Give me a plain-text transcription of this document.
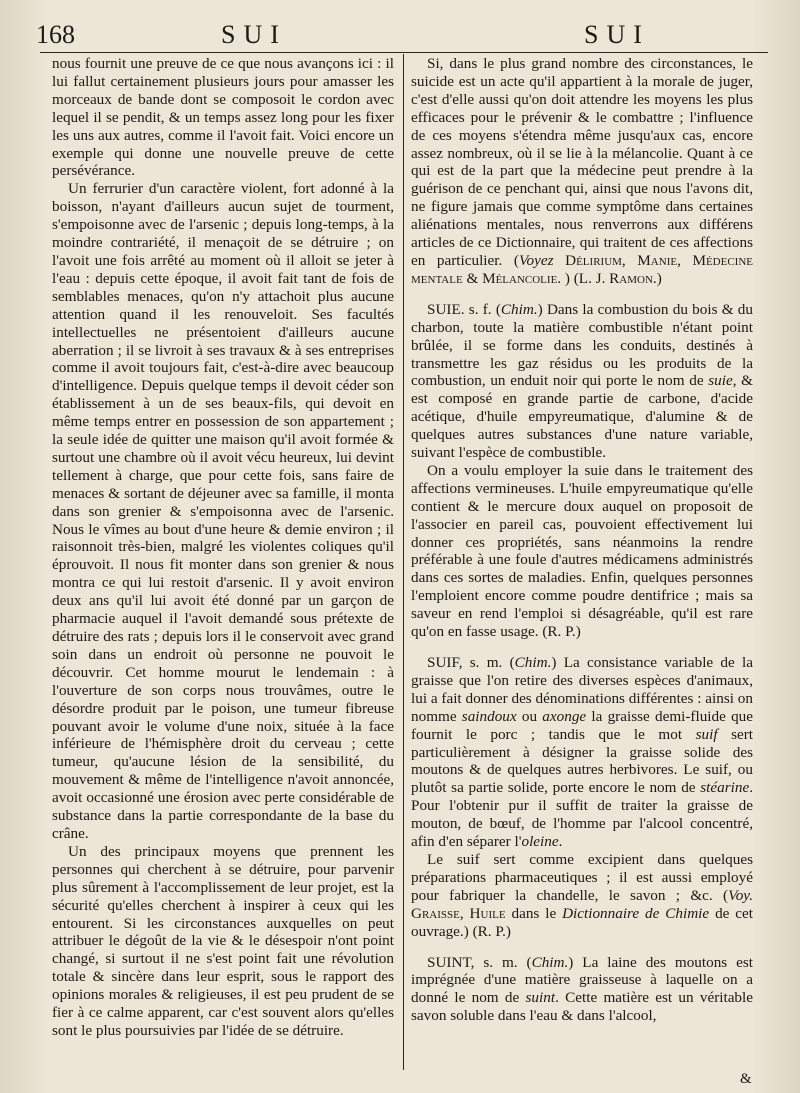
168	SUI	SUI

nous fournit une preuve de ce que nous avançons ici : il lui fallut certainement plusieurs jours pour amasser les morceaux de bande dont se composoit le cordon avec lequel il se pendit, & un temps assez long pour les fixer les uns aux autres, comme il l'avoit fait. Voici encore un exemple qui donne une nouvelle preuve de cette persévérance.

Un ferrurier d'un caractère violent, fort adonné à la boisson, n'ayant d'ailleurs aucun sujet de tourment, s'empoisonne avec de l'arsenic ; depuis long-temps, à la moindre contrariété, il menaçoit de se détruire ; on l'avoit une fois arrêté au moment où il alloit se jeter à l'eau : depuis cette époque, il avoit fait tant de fois de semblables menaces, qu'on n'y attachoit plus aucune attention quand il les renouveloit. Ses facultés intellectuelles ne présentoient d'ailleurs aucune aberration ; il se livroit à ses travaux & à ses entreprises comme il avoit toujours fait, c'est-à-dire avec beaucoup d'intelligence. Depuis quelque temps il devoit céder son établissement à un de ses beaux-fils, qui devoit en même temps entrer en possession de son appartement ; la seule idée de quitter une maison qu'il avoit formée & surtout une chambre où il avoit vécu heureux, lui devint tellement à charge, que pour cette fois, sans faire de menaces & sortant de déjeuner avec sa famille, il monta dans son grenier & s'empoisonna avec de l'arsenic. Nous le vîmes au bout d'une heure & demie environ ; il raisonnoit très-bien, malgré les violentes coliques qu'il éprouvoit. Il nous fit monter dans son grenier & nous montra ce qui lui restoit d'arsenic. Il y avoit environ deux ans qu'il lui avoit été donné par un garçon de pharmacie auquel il l'avoit demandé sous prétexte de détruire des rats ; depuis lors il le conservoit avec grand soin dans un endroit où personne ne pouvoit le découvrir. Cet homme mourut le lendemain : à l'ouverture de son corps nous trouvâmes, outre le désordre produit par le poison, une tumeur fibreuse pouvant avoir le volume d'une noix, située à la face inférieure de l'hémisphère droit du cerveau ; cette tumeur, qu'aucune lésion de la sensibilité, du mouvement & même de l'intelligence n'avoit annoncée, avoit occasionné une érosion avec perte considérable de substance dans la partie correspondante de la base du crâne.

Un des principaux moyens que prennent les personnes qui cherchent à se détruire, pour parvenir plus sûrement à l'accomplissement de leur projet, est la sécurité qu'elles cherchent à inspirer à ceux qui les entourent. Si les circonstances auxquelles on peut attribuer le dégoût de la vie & le désespoir n'ont point changé, si surtout il ne s'est point fait une révolution totale & sincère dans leur esprit, sous le rapport des opinions morales & religieuses, il est peu prudent de se fier à ce calme apparent, car c'est souvent alors qu'elles sont le plus poursuivies par l'idée de se détruire.

Si, dans le plus grand nombre des circonstances, le suicide est un acte qu'il appartient à la morale de juger, c'est d'elle aussi qu'on doit attendre les moyens les plus efficaces pour le prévenir & le combattre ; l'influence de ces moyens s'étendra même jusqu'aux cas, encore assez nombreux, où il se lie à la mélancolie. Quant à ce qui est de la part que la médecine peut prendre à la guérison de ce penchant qui, ainsi que nous l'avons dit, ne figure jamais que comme symptôme dans certaines aliénations mentales, nous renverrons aux différens articles de ce Dictionnaire, qui traitent de ces affections en particulier. (Voyez Délirium, Manie, Médecine mentale & Mélancolie. ) (L. J. Ramon.)

SUIE. s. f. (Chim.) Dans la combustion du bois & du charbon, toute la matière combustible n'étant point brûlée, il se forme dans les conduits, destinés à transmettre les gaz résidus ou les produits de la combustion, un enduit noir qui porte le nom de suie, & est composé en grande partie de carbone, d'acide acétique, d'huile empyreumatique, d'alumine & de quelques autres substances d'une nature variable, suivant l'espèce de combustible.

On a voulu employer la suie dans le traitement des affections vermineuses. L'huile empyreumatique qu'elle contient & le mercure doux auquel on proposoit de l'associer en pareil cas, pouvoient effectivement lui donner ces propriétés, sans néanmoins la rendre préférable à une foule d'autres médicamens administrés dans ces sortes de maladies. Enfin, quelques personnes l'emploient encore comme poudre dentifrice ; mais sa saveur en rend l'emploi si désagréable, qu'il est rare qu'on en fasse usage. (R. P.)

SUIF, s. m. (Chim.) La consistance variable de la graisse que l'on retire des diverses espèces d'animaux, lui a fait donner des dénominations différentes : ainsi on nomme saindoux ou axonge la graisse demi-fluide que fournit le porc ; tandis que le mot suif sert particulièrement à désigner la graisse solide des moutons & de quelques autres herbivores. Le suif, ou plutôt sa partie solide, porte encore le nom de stéarine. Pour l'obtenir pur il suffit de traiter la graisse de mouton, de bœuf, de l'homme par l'alcool concentré, afin d'en séparer l'oleine.

Le suif sert comme excipient dans quelques préparations pharmaceutiques ; il est aussi employé pour fabriquer la chandelle, le savon ; &c. (Voy. Graisse, Huile dans le Dictionnaire de Chimie de cet ouvrage.) (R. P.)

SUINT, s. m. (Chim.) La laine des moutons est imprégnée d'une matière graisseuse à laquelle on a donné le nom de suint. Cette matière est un véritable savon soluble dans l'eau & dans l'alcool,

&
